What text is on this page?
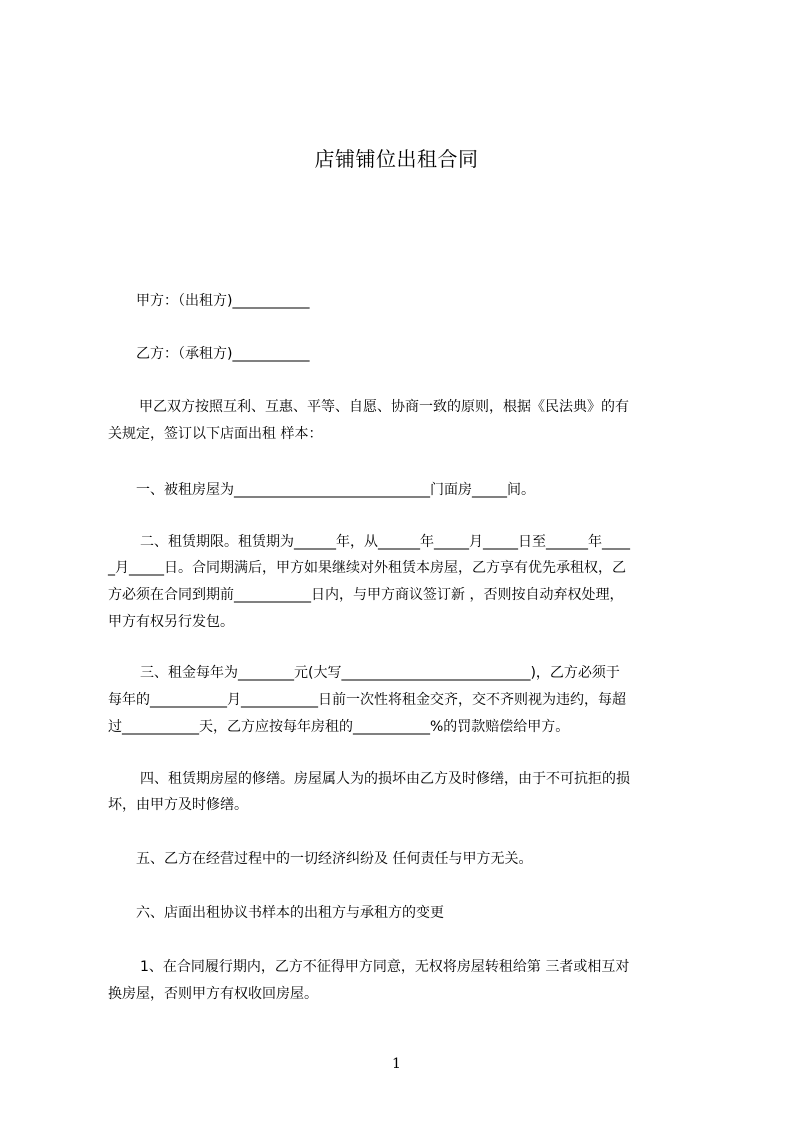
店铺铺位出租合同
甲方：（出租方)___________
乙方：（承租方)___________
甲乙双方按照互利、互惠、平等、自愿、协商一致的原则，根据《民法典》的有
关规定，签订以下店面出租 样本：
一、被租房屋为____________________________门面房_____间。
二、租赁期限。租赁期为______年，从______年_____月_____日至______年____
_月_____日。合同期满后，甲方如果继续对外租赁本房屋，乙方享有优先承租权，乙
方必须在合同到期前___________日内，与甲方商议签订新 ，否则按自动弃权处理，
甲方有权另行发包。
三、租金每年为________元(大写___________________________)，乙方必须于
每年的___________月___________日前一次性将租金交齐，交不齐则视为违约，每超
过___________天，乙方应按每年房租的___________%的罚款赔偿给甲方。
四、租赁期房屋的修缮。房屋属人为的损坏由乙方及时修缮，由于不可抗拒的损
坏，由甲方及时修缮。
五、乙方在经营过程中的一切经济纠纷及 任何责任与甲方无关。
六、店面出租协议书样本的出租方与承租方的变更
1、在合同履行期内，乙方不征得甲方同意，无权将房屋转租给第 三者或相互对
换房屋，否则甲方有权收回房屋。
1
